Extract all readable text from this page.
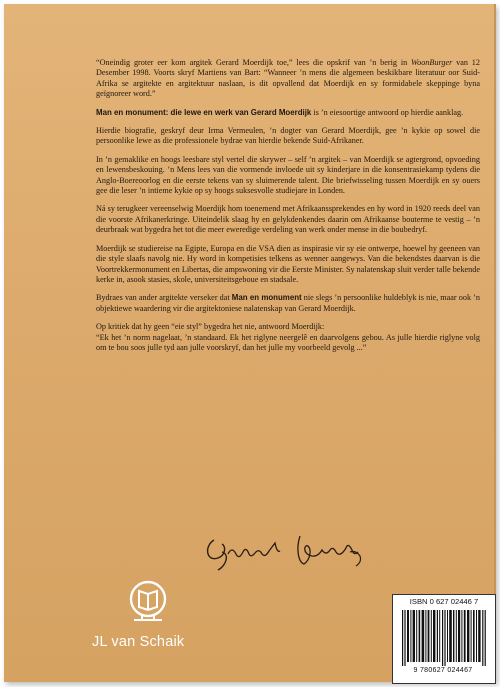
“Oneindig groter eer kom argitek Gerard Moerdijk toe,” lees die opskrif van ’n berig in WoonBurger van 12 Desember 1998. Voorts skryf Martiens van Bart: “Wanneer ’n mens die algemeen beskikbare literatuur oor Suid-Afrika se argitekte en argitektuur naslaan, is dit opvallend dat Moerdijk en sy formidabele skeppinge byna geïgnoreer word.”

Man en monument: die lewe en werk van Gerard Moerdijk is ’n eiesoortige antwoord op hierdie aanklag.

Hierdie biografie, geskryf deur Irma Vermeulen, ’n dogter van Gerard Moerdijk, gee ’n kykie op sowel die persoonlike lewe as die professionele bydrae van hierdie bekende Suid-Afrikaner.

In ’n gemaklike en hoogs leesbare styl vertel die skrywer – self ’n argitek – van Moerdijk se agtergrond, opvoeding en lewensbeskouing. ’n Mens lees van die vormende invloede uit sy kinderjare in die konsentrasiekamp tydens die Anglo-Boereoorlog en die eerste tekens van sy sluimerende talent. Die briefwisseling tussen Moerdijk en sy ouers gee die leser ’n intieme kykie op sy hoogs suksesvolle studiejare in Londen.

Ná sy terugkeer vereenselwig Moerdijk hom toenemend met Afrikaanssprekendes en hy word in 1920 reeds deel van die voorste Afrikanerkringe. Uiteindelik slaag hy en gelykdenkendes daarin om Afrikaanse bouterme te vestig – ’n deurbraak wat bygedra het tot die meer eweredige verdeling van werk onder mense in die boubedryf.

Moerdijk se studiereise na Egipte, Europa en die VSA dien as inspirasie vir sy eie ontwerpe, hoewel hy geeneen van die style slaafs navolg nie. Hy word in kompetisies telkens as wenner aangewys. Van die bekendstes daarvan is die Voortrekkermonument en Libertas, die ampswoning vir die Eerste Minister. Sy nalatenskap sluit verder talle bekende kerke in, asook stasies, skole, universiteitsgeboue en stadsale.

Bydraes van ander argitekte verseker dat Man en monument nie slegs ’n persoonlike huldeblyk is nie, maar ook ’n objektiewe waardering vir die argitektoniese nalatenskap van Gerard Moerdijk.

Op kritiek dat hy geen “eie styl” bygedra het nie, antwoord Moerdijk:

“Ek het ’n norm nagelaat, ’n standaard. Ek het riglyne neergelê en daarvolgens gebou. As julle hierdie riglyne volg om te bou soos julle tyd aan julle voorskryf, dan het julle my voorbeeld gevolg ...”

JL van Schaik
ISBN 0 627 02446 7
9 780627 024467
